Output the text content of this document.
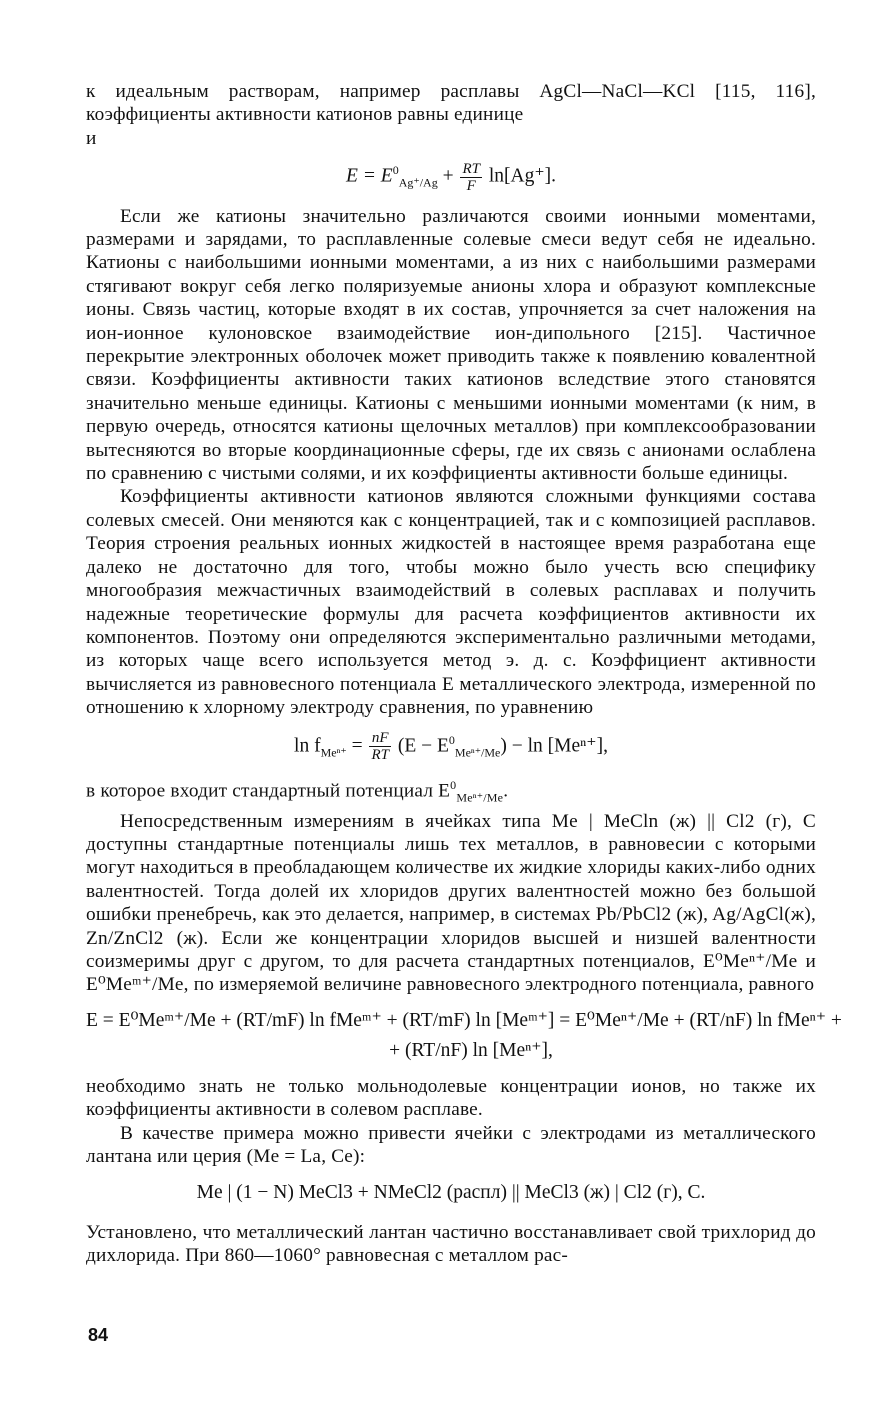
к идеальным растворам, например расплавы AgCl—NaCl—KCl [115, 116], коэффициенты активности катионов равны единице

и

$E = E^0_{Ag^+/Ag} + \frac{RT}{F} \ln[Ag^+]$.

Если же катионы значительно различаются своими ионными моментами, размерами и зарядами, то расплавленные солевые смеси ведут себя не идеально. Катионы с наибольшими ионными моментами, а из них с наибольшими размерами стягивают вокруг себя легко поляризуемые анионы хлора и образуют комплексные ионы. Связь частиц, которые входят в их состав, упрочняется за счет наложения на ион-ионное кулоновское взаимодействие ион-дипольного [215]. Частичное перекрытие электронных оболочек может приводить также к появлению ковалентной связи. Коэффициенты активности таких катионов вследствие этого становятся значительно меньше единицы. Катионы с меньшими ионными моментами (к ним, в первую очередь, относятся катионы щелочных металлов) при комплексообразовании вытесняются во вторые координационные сферы, где их связь с анионами ослаблена по сравнению с чистыми солями, и их коэффициенты активности больше единицы.

Коэффициенты активности катионов являются сложными функциями состава солевых смесей. Они меняются как с концентрацией, так и с композицией расплавов. Теория строения реальных ионных жидкостей в настоящее время разработана еще далеко не достаточно для того, чтобы можно было учесть всю специфику многообразия межчастичных взаимодействий в солевых расплавах и получить надежные теоретические формулы для расчета коэффициентов активности их компонентов. Поэтому они определяются экспериментально различными методами, из которых чаще всего используется метод э. д. с. Коэффициент активности вычисляется из равновесного потенциала E металлического электрода, измеренной по отношению к хлорному электроду сравнения, по уравнению

$\ln f_{Me^{n+}} = \frac{nF}{RT} (E - E^0_{Me^{n+}/Me}) - \ln [Me^{n+}]$,

в которое входит стандартный потенциал $E^0_{Me^{n+}/Me}$.

Непосредственным измерениям в ячейках типа Me | MeCln (ж) || Cl2 (г), C доступны стандартные потенциалы лишь тех металлов, в равновесии с которыми могут находиться в преобладающем количестве их жидкие хлориды каких-либо одних валентностей. Тогда долей их хлоридов других валентностей можно без большой ошибки пренебречь, как это делается, например, в системах Pb/PbCl2 (ж), Ag/AgCl(ж), Zn/ZnCl2 (ж). Если же концентрации хлоридов высшей и низшей валентности соизмеримы друг с другом, то для расчета стандартных потенциалов, E⁰Meⁿ⁺/Me и E⁰Meᵐ⁺/Me, по измеряемой величине равновесного электродного потенциала, равного

E = E⁰Meᵐ⁺/Me + (RT/mF) ln fMeᵐ⁺ + (RT/mF) ln [Meᵐ⁺] = E⁰Meⁿ⁺/Me + (RT/nF) ln fMeⁿ⁺ +
+ (RT/nF) ln [Meⁿ⁺],

необходимо знать не только мольнодолевые концентрации ионов, но также их коэффициенты активности в солевом расплаве.

В качестве примера можно привести ячейки с электродами из металлического лантана или церия (Me = La, Ce):

Me | (1 − N) MeCl3 + NMeCl2 (распл) || MeCl3 (ж) | Cl2 (г), C.

Установлено, что металлический лантан частично восстанавливает свой трихлорид до дихлорида. При 860—1060° равновесная с металлом рас-

84
